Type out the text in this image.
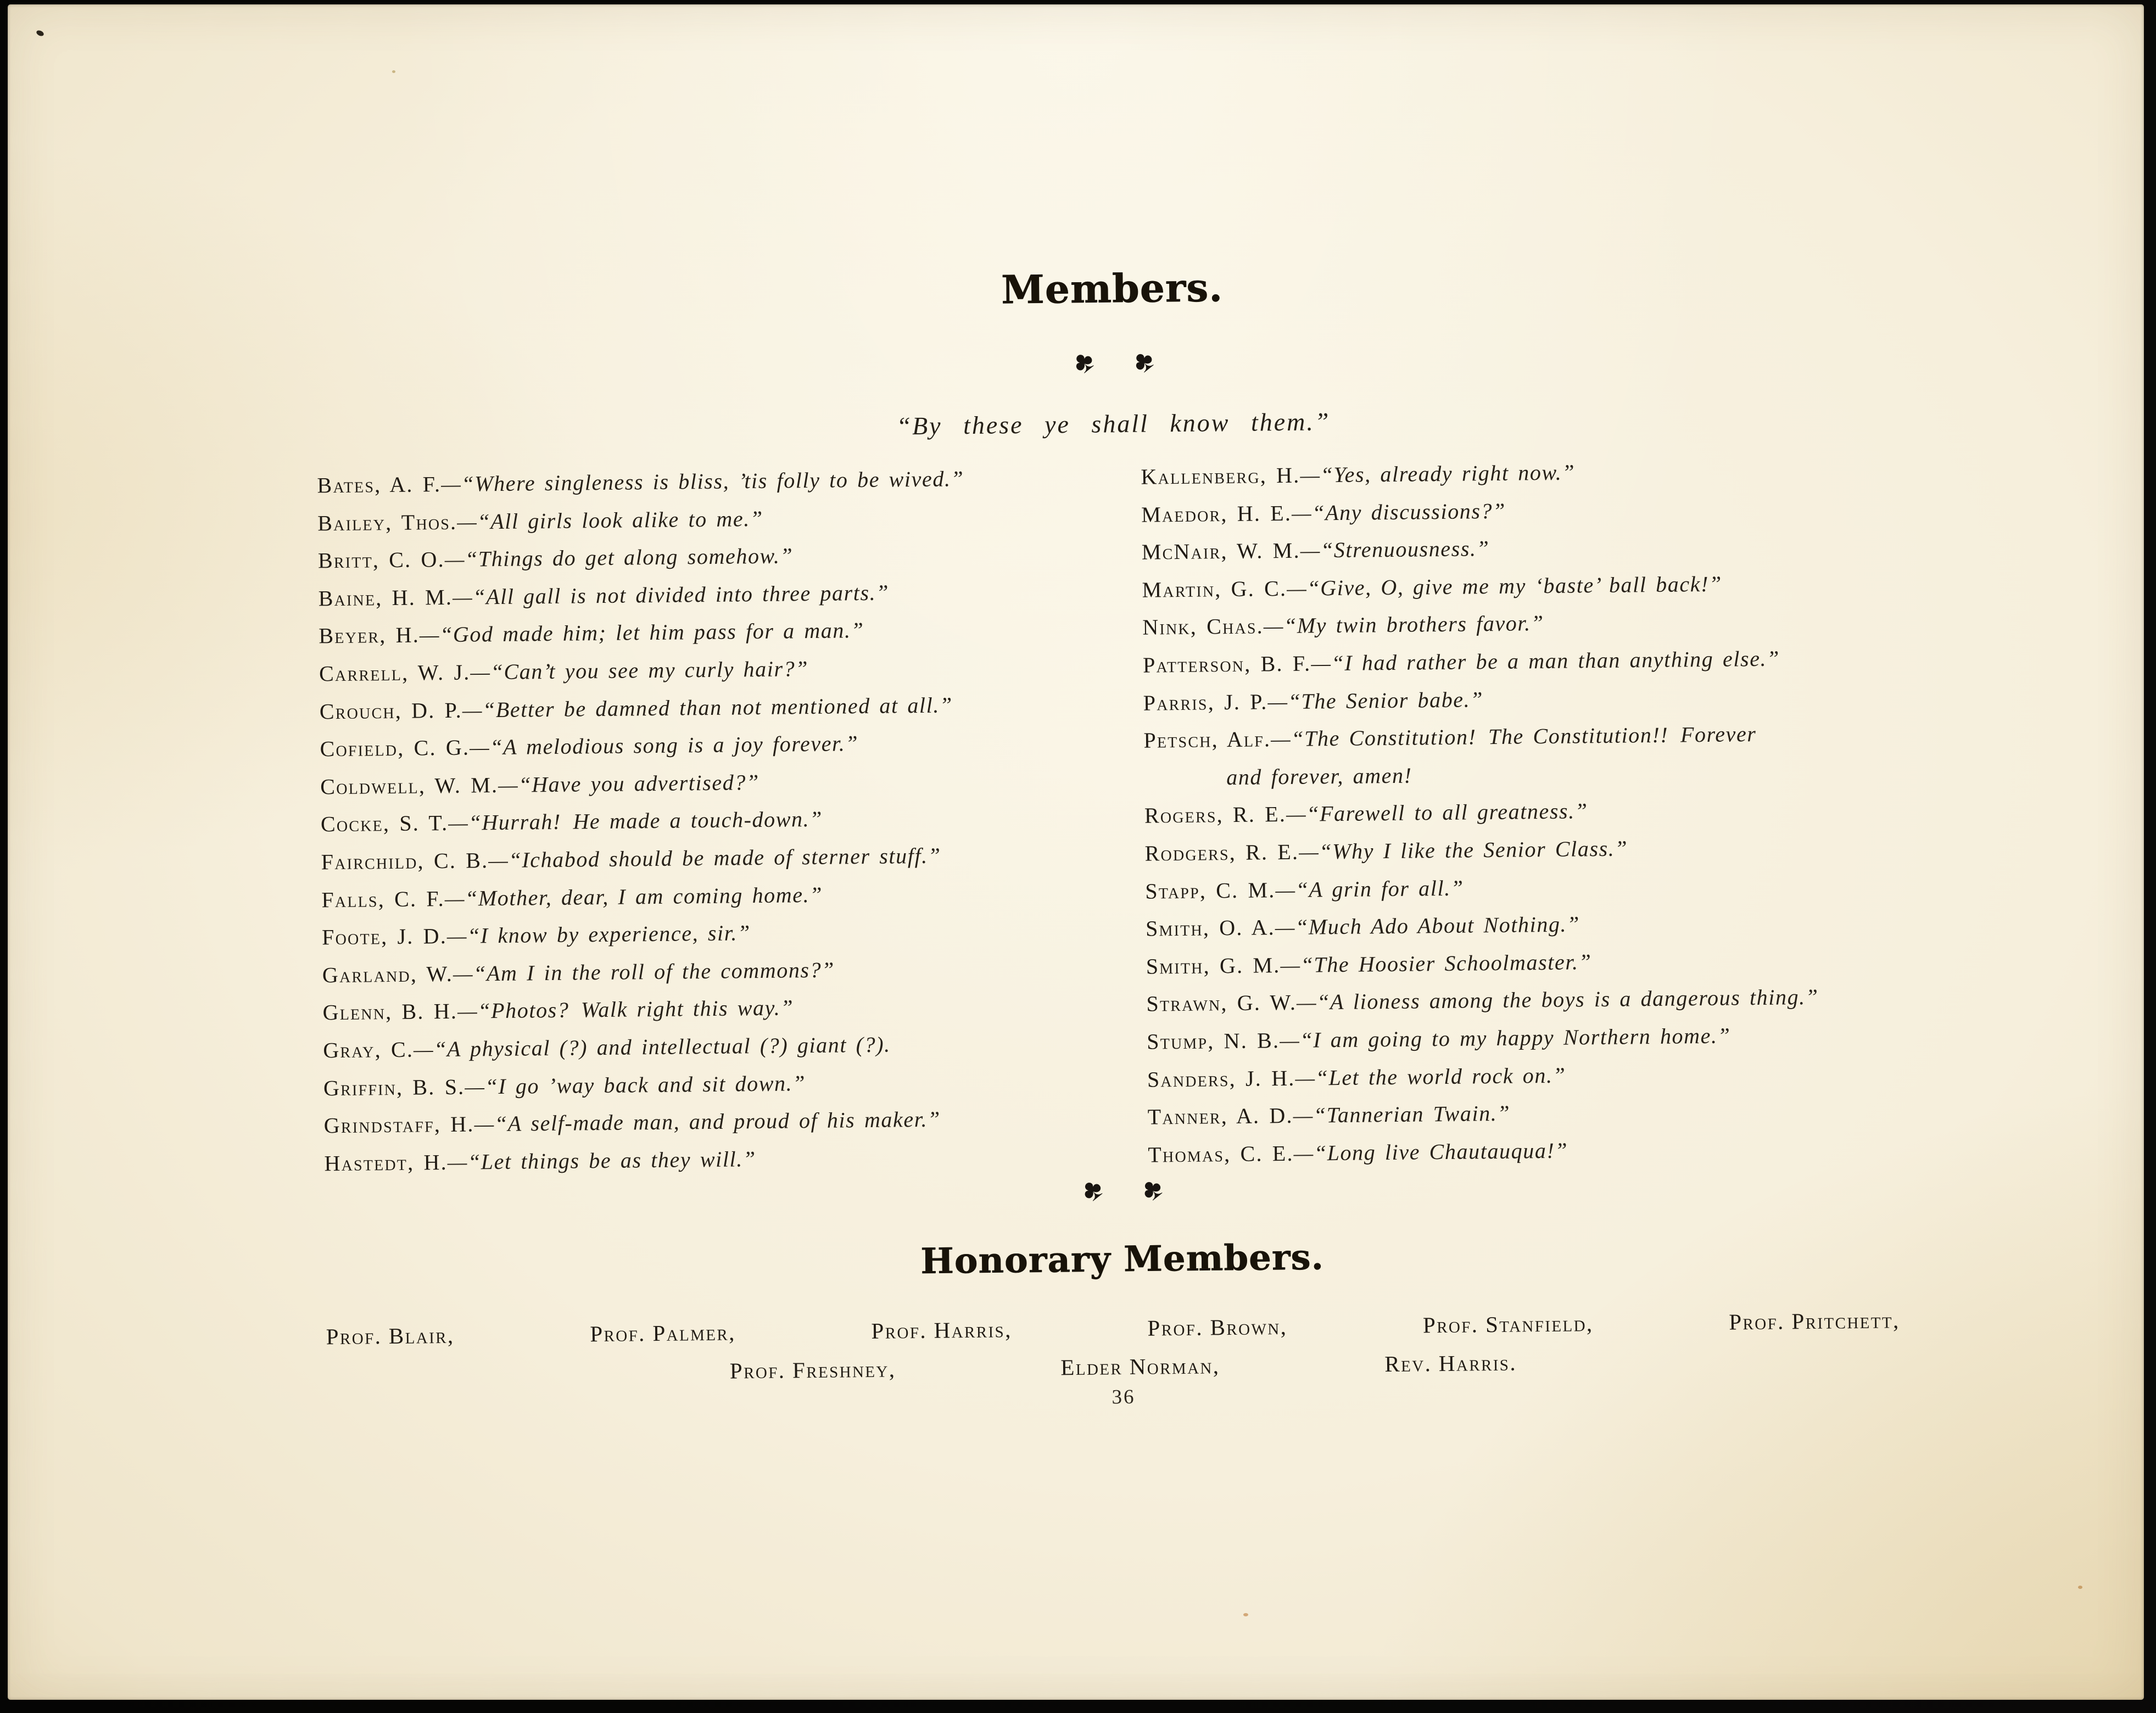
Members.
♣ ♣
“By these ye shall know them.”
Bates, A. F.—“Where singleness is bliss, ’tis folly to be wived.”
Bailey, Thos.—“All girls look alike to me.”
Britt, C. O.—“Things do get along somehow.”
Baine, H. M.—“All gall is not divided into three parts.”
Beyer, H.—“God made him; let him pass for a man.”
Carrell, W. J.—“Can’t you see my curly hair?”
Crouch, D. P.—“Better be damned than not mentioned at all.”
Cofield, C. G.—“A melodious song is a joy forever.”
Coldwell, W. M.—“Have you advertised?”
Cocke, S. T.—“Hurrah! He made a touch-down.”
Fairchild, C. B.—“Ichabod should be made of sterner stuff.”
Falls, C. F.—“Mother, dear, I am coming home.”
Foote, J. D.—“I know by experience, sir.”
Garland, W.—“Am I in the roll of the commons?”
Glenn, B. H.—“Photos? Walk right this way.”
Gray, C.—“A physical (?) and intellectual (?) giant (?).
Griffin, B. S.—“I go ’way back and sit down.”
Grindstaff, H.—“A self-made man, and proud of his maker.”
Hastedt, H.—“Let things be as they will.”
Kallenberg, H.—“Yes, already right now.”
Maedor, H. E.—“Any discussions?”
McNair, W. M.—“Strenuousness.”
Martin, G. C.—“Give, O, give me my ‘baste’ ball back!”
Nink, Chas.—“My twin brothers favor.”
Patterson, B. F.—“I had rather be a man than anything else.”
Parris, J. P.—“The Senior babe.”
Petsch, Alf.—“The Constitution! The Constitution!! Forever
and forever, amen!
Rogers, R. E.—“Farewell to all greatness.”
Rodgers, R. E.—“Why I like the Senior Class.”
Stapp, C. M.—“A grin for all.”
Smith, O. A.—“Much Ado About Nothing.”
Smith, G. M.—“The Hoosier Schoolmaster.”
Strawn, G. W.—“A lioness among the boys is a dangerous thing.”
Stump, N. B.—“I am going to my happy Northern home.”
Sanders, J. H.—“Let the world rock on.”
Tanner, A. D.—“Tannerian Twain.”
Thomas, C. E.—“Long live Chautauqua!”
♣ ♣
Honorary Members.
Prof. Blair,	Prof. Palmer,	Prof. Harris,	Prof. Brown,	Prof. Stanfield,	Prof. Pritchett,
Prof. Freshney,	Elder Norman,	Rev. Harris.
36
